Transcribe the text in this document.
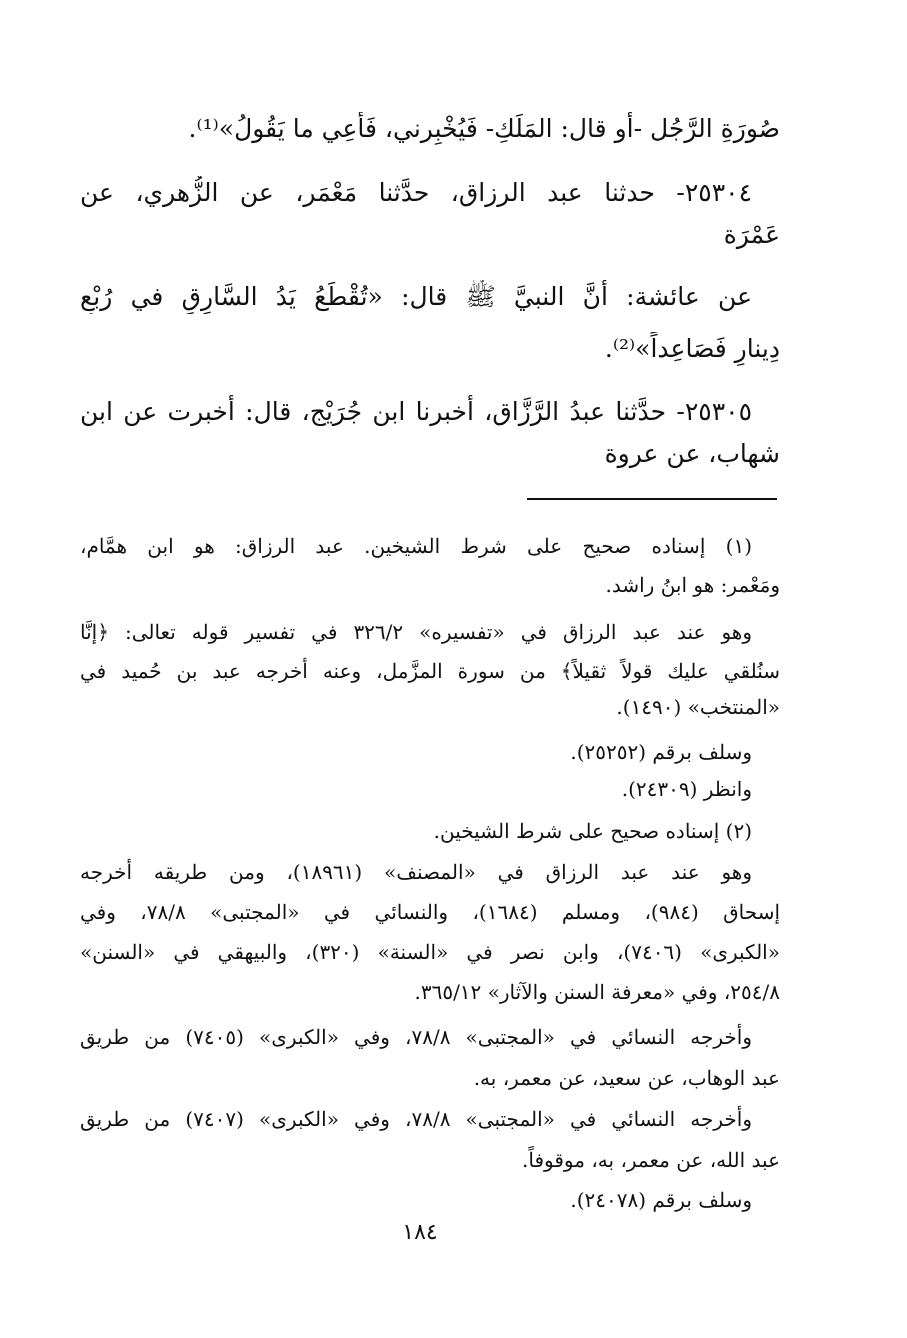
صُورَةِ الرَّجُل -أو قال: المَلَكِ- فَيُخْبِرني، فَأَعِي ما يَقُولُ»⁽¹⁾.
٢٥٣٠٤- حدثنا عبد الرزاق، حدَّثنا مَعْمَر، عن الزُّهري، عن
عَمْرَة
عن عائشة: أنَّ النبيَّ ﷺ قال: «تُقْطَعُ يَدُ السَّارِقِ في رُبْعِ
دِينارٍ فَصَاعِداً»⁽²⁾.
٢٥٣٠٥- حدَّثنا عبدُ الرَّزَّاق، أخبرنا ابن جُرَيْج، قال: أُخبرت عن ابن
شهاب، عن عروة
(١) إسناده صحيح على شرط الشيخين. عبد الرزاق: هو ابن همَّام،
ومَعْمر: هو ابنُ راشد.
وهو عند عبد الرزاق في «تفسيره» ٣٢٦/٢ في تفسير قوله تعالى: ﴿إنَّا
سنُلقي عليك قولاً ثقيلاً﴾ من سورة المزَّمل، وعنه أخرجه عبد بن حُميد في
«المنتخب» (١٤٩٠).
وسلف برقم (٢٥٢٥٢).
وانظر (٢٤٣٠٩).
(٢) إسناده صحيح على شرط الشيخين.
وهو عند عبد الرزاق في «المصنف» (١٨٩٦١)، ومن طريقه أخرجه
إسحاق (٩٨٤)، ومسلم (١٦٨٤)، والنسائي في «المجتبى» ٧٨/٨، وفي
«الكبرى» (٧٤٠٦)، وابن نصر في «السنة» (٣٢٠)، والبيهقي في «السنن»
٢٥٤/٨، وفي «معرفة السنن والآثار» ٣٦٥/١٢.
وأخرجه النسائي في «المجتبى» ٧٨/٨، وفي «الكبرى» (٧٤٠٥) من طريق
عبد الوهاب، عن سعيد، عن معمر، به.
وأخرجه النسائي في «المجتبى» ٧٨/٨، وفي «الكبرى» (٧٤٠٧) من طريق
عبد الله، عن معمر، به، موقوفاً.
وسلف برقم (٢٤٠٧٨).
١٨٤
